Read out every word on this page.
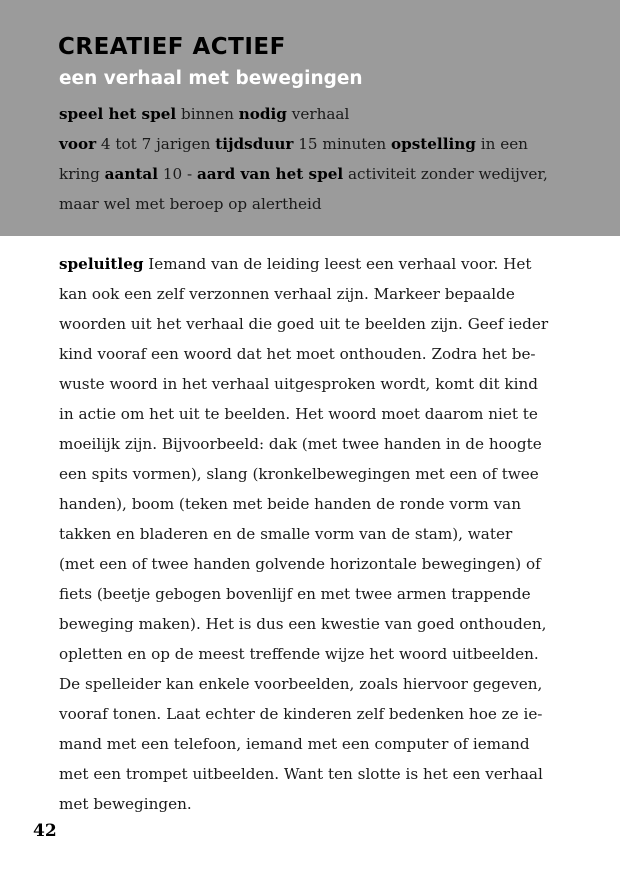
CREATIEF ACTIEF
een verhaal met bewegingen
speel het spel binnen nodig verhaal
voor 4 tot 7 jarigen tijdsduur 15 minuten opstelling in een
kring aantal 10 - aard van het spel activiteit zonder wedijver,
maar wel met beroep op alertheid
speluitleg Iemand van de leiding leest een verhaal voor. Het
kan ook een zelf verzonnen verhaal zijn. Markeer bepaalde
woorden uit het verhaal die goed uit te beelden zijn. Geef ieder
kind vooraf een woord dat het moet onthouden. Zodra het be-
wuste woord in het verhaal uitgesproken wordt, komt dit kind
in actie om het uit te beelden. Het woord moet daarom niet te
moeilijk zijn. Bijvoorbeeld: dak (met twee handen in de hoogte
een spits vormen), slang (kronkelbewegingen met een of twee
handen), boom (teken met beide handen de ronde vorm van
takken en bladeren en de smalle vorm van de stam), water
(met een of twee handen golvende horizontale bewegingen) of
fiets (beetje gebogen bovenlijf en met twee armen trappende
beweging maken). Het is dus een kwestie van goed onthouden,
opletten en op de meest treffende wijze het woord uitbeelden.
De spelleider kan enkele voorbeelden, zoals hiervoor gegeven,
vooraf tonen. Laat echter de kinderen zelf bedenken hoe ze ie-
mand met een telefoon, iemand met een computer of iemand
met een trompet uitbeelden. Want ten slotte is het een verhaal
met bewegingen.
42
